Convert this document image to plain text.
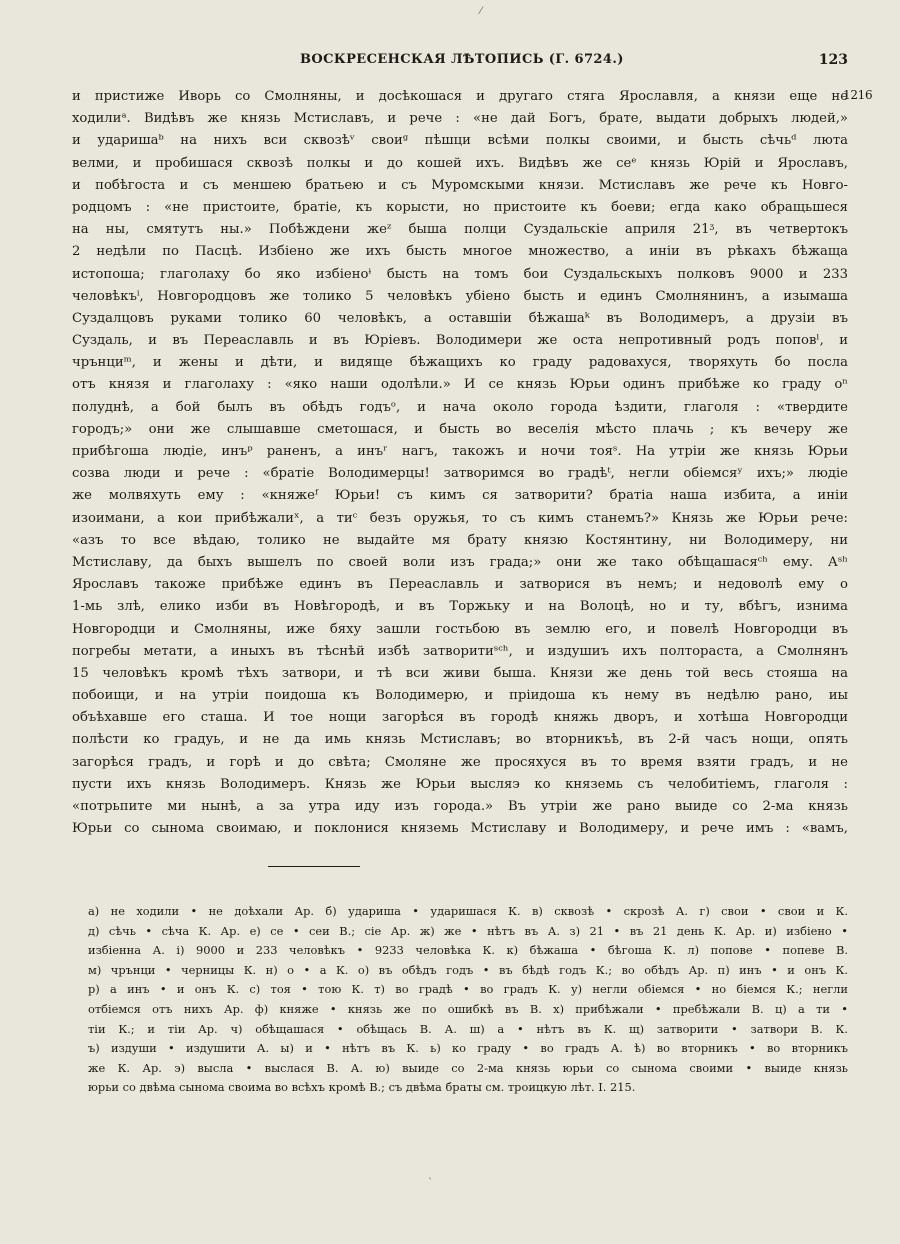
ВОСКРЕСЕНСКАЯ ЛѢТОПИСЬ (Г. 6724.)	123
⁄
1216
и пристиже Иворь со Смолняны, и досѣкошася и другаго стяга Ярославля, а князи еще не
ходилиᵃ. Видѣвъ же князь Мстиславъ, и рече : «не дай Богъ, брате, выдати добрыхъ людей,»
и ударишаᵇ на нихъ вси сквозѣᵛ своиᵍ пѣшци всѣми полкы своими, и бысть сѣчьᵈ люта
велми, и пробишася сквозѣ полкы и до кошей ихъ. Видѣвъ же сеᵉ князь Юрій и Ярославъ,
и побѣгоста и съ меншею братьею и съ Муромскыми князи. Мстиславъ же рече къ Новго-
родцомъ : «не пристоите, братіе, къ корысти, но пристоите къ боеви; егда како обращьшеся
на ны, смятутъ ны.» Побѣждени жеᶻ быша полци Суздальскіе априля 21ᶾ, въ четвертокъ
2 недѣли по Пасцѣ. Избіено же ихъ бысть многое множество, а иніи въ рѣкахъ бѣжаща
истопоша; глаголаху бо яко избіеноᶤ бысть на томъ бои Суздальскыхъ полковъ 9000 и 233
человѣкъⁱ, Новгородцовъ же толико 5 человѣкъ убіено бысть и единъ Смолнянинъ, а изымаша
Суздалцовъ руками толико 60 человѣкъ, а оставшіи бѣжашаᵏ въ Володимеръ, а друзіи въ
Суздаль, и въ Переаславль и въ Юріевъ. Володимери же оста непротивный родъ поповˡ, и
чрънциᵐ, и жены и дѣти, и видяще бѣжащихъ ко граду радовахуся, творяхуть бо посла
отъ князя и глаголаху : «яко наши одолѣли.» И се князь Юрьи одинъ прибѣже ко граду оⁿ
полуднѣ, а бой былъ въ обѣдъ годъᵒ, и нача около города ѣздити, глаголя : «твердите
городъ;» они же слышавше сметошася, и бысть во веселія мѣсто плачь ; къ вечеру же
прибѣгоша людіе, инъᵖ раненъ, а инъʳ нагъ, такожъ и ночи тояˢ. На утріи же князь Юрьи
созва люди и рече : «братіе Володимерцы! затворимся во градѣᵗ, негли обіемсяʸ ихъ;» людіе
же молвяхуть ему : «княжеᶠ Юрьи! съ кимъ ся затворити? братіа наша избита, а иніи
изоимани, а кои прибѣжалиˣ, а тиᶜ безъ оружья, то съ кимъ станемъ?» Князь же Юрьи рече:
«азъ то все вѣдаю, толико не выдайте мя брату князю Костянтину, ни Володимеру, ни
Мстиславу, да быхъ вышелъ по своей воли изъ града;» они же тако обѣщашасяᶜʰ ему. Аˢʰ
Ярославъ такоже прибѣже единъ въ Переаславль и затворися въ немъ; и недоволѣ ему о
1-мь злѣ, елико изби въ Новѣгородѣ, и въ Торжьку и на Волоцѣ, но и ту, вбѣгъ, изнима
Новгородци и Смолняны, иже бяху зашли гостьбою въ землю его, и повелѣ Новгородци въ
погребы метати, а иныхъ въ тѣснѣй избѣ затворитиˢᶜʰ, и издушиъ ихъ полтораста, а Смолнянъ
15 человѣкъ кромѣ тѣхъ затвори, и тѣ вси живи быша. Князи же день той весь стояша на
побоищи, и на утріи поидоша къ Володимерю, и пріидоша къ нему въ недѣлю рано, иы
объѣхавше его сташа. И тое нощи загорѣся въ городѣ княжь дворъ, и хотѣша Новгородци
полѣсти ко градуь, и не да имь князь Мстиславъ; во вторникъѣ, въ 2-й часъ нощи, опять
загорѣся градъ, и горѣ и до свѣта; Смоляне же просяхуся въ то время взяти градъ, и не
пусти ихъ князь Володимеръ. Князь же Юрьи высляэ ко княземь съ челобитіемъ, глаголя :
«потрьпите ми нынѣ, а за утра иду изъ города.» Въ утріи же рано выиде со 2-ма князь
Юрьи со сынома своимаю, и поклонися княземь Мстиславу и Володимеру, и рече имъ : «вамъ,
а) не ходили • не доѣхали Ар. б) удариша • ударишася К. в) сквозѣ • скрозѣ А. г) свои • свои и К.
д) сѣчь • сѣча К. Ар. е) се • сеи В.; сіе Ар. ж) же • нѣтъ въ А. з) 21 • въ 21 день К. Ар. и) избіено •
избіенна А. і) 9000 и 233 человѣкъ • 9233 человѣка К. к) бѣжаша • бѣгоша К. л) попове • попеве В.
м) чрънци • черницы К. н) о • а К. о) въ обѣдъ годъ • въ бѣдѣ годъ К.; во обѣдъ Ар. п) инъ • и онъ К.
р) а инъ • и онъ К. с) тоя • тою К. т) во градѣ • во градъ К. у) негли обіемся • но біемся К.; негли
отбіемся отъ нихъ Ар. ф) княже • князь же по ошибкѣ въ В. х) прибѣжали • пребѣжали В. ц) а ти •
тіи К.; и тіи Ар. ч) обѣщашася • обѣщась В. А. ш) а • нѣтъ въ К. щ) затворити • затвори В. К.
ъ) издуши • издушити А. ы) и • нѣтъ въ К. ь) ко граду • во градъ А. ѣ) во вторникъ • во вторникъ
же К. Ар. э) высла • выслася В. А. ю) выиде со 2-ма князь юрьи со сынома своими • выиде князь
юрьи со двѣма сынома своима во всѣхъ кромѣ В.; съ двѣма браты см. троицкую лѣт. I. 215.
ˋ
